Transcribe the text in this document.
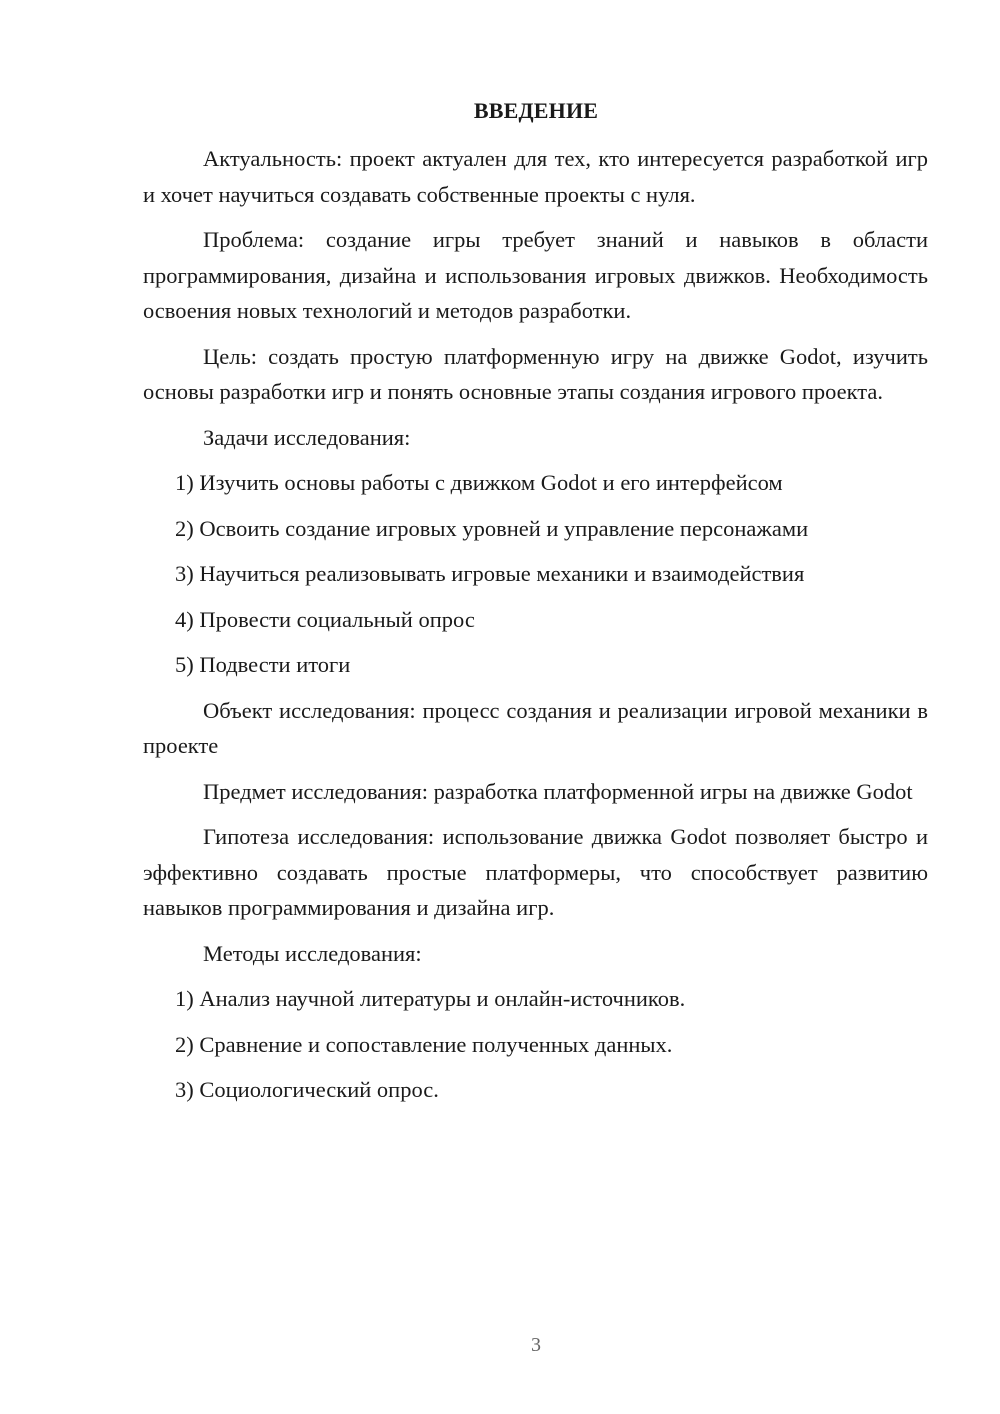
ВВЕДЕНИЕ

Актуальность: проект актуален для тех, кто интересуется разработкой игр и хочет научиться создавать собственные проекты с нуля.

Проблема: создание игры требует знаний и навыков в области программирования, дизайна и использования игровых движков. Необходимость освоения новых технологий и методов разработки.

Цель: создать простую платформенную игру на движке Godot, изучить основы разработки игр и понять основные этапы создания игрового проекта.

Задачи исследования:

1) Изучить основы работы с движком Godot и его интерфейсом
2) Освоить создание игровых уровней и управление персонажами
3) Научиться реализовывать игровые механики и взаимодействия
4) Провести социальный опрос
5) Подвести итоги

Объект исследования: процесс создания и реализации игровой механики в проекте

Предмет исследования: разработка платформенной игры на движке Godot

Гипотеза исследования: использование движка Godot позволяет быстро и эффективно создавать простые платформеры, что способствует развитию навыков программирования и дизайна игр.

Методы исследования:

1) Анализ научной литературы и онлайн-источников.
2) Сравнение и сопоставление полученных данных.
3) Социологический опрос.
3
